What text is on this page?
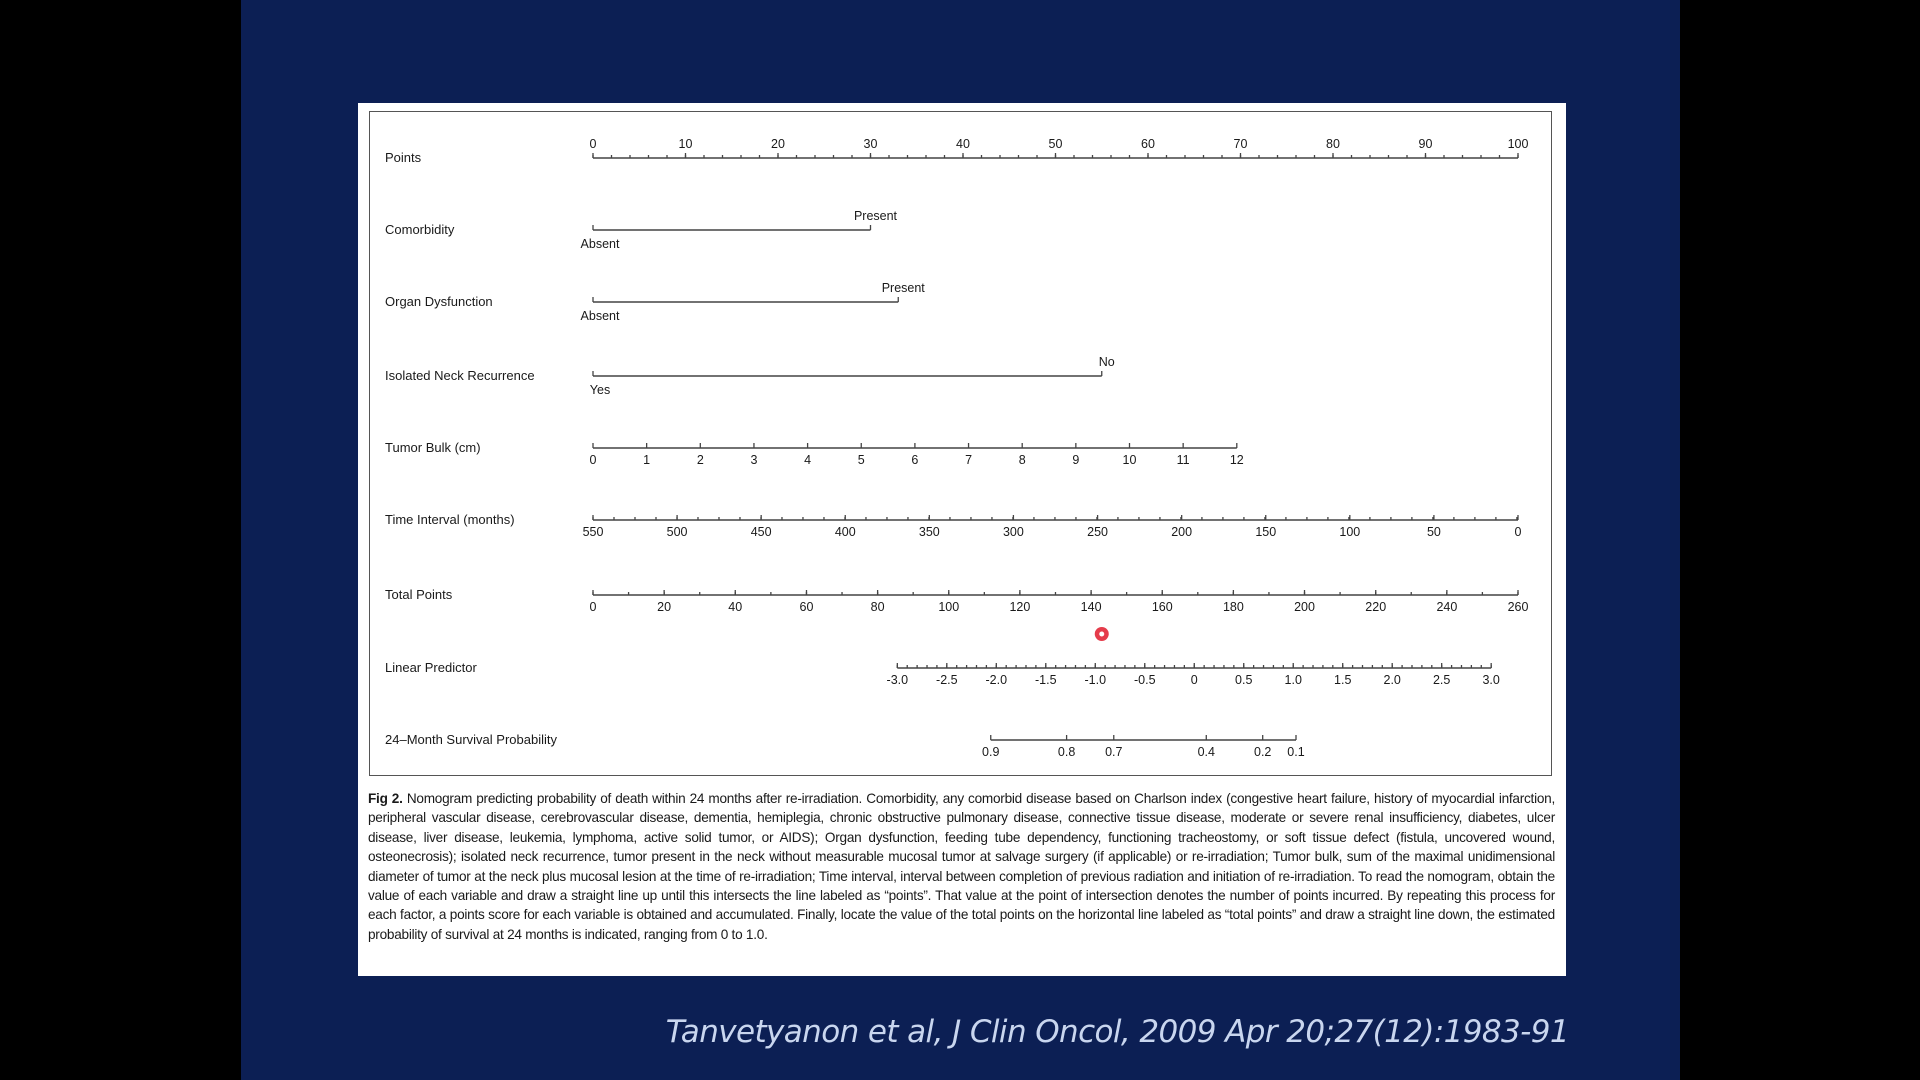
Points
0	10	20	30	40	50	60	70	80	90	100
Comorbidity
Absent
Present
Organ Dysfunction
Absent
Present
Isolated Neck Recurrence
Yes
No
Tumor Bulk (cm)
0	1	2	3	4	5	6	7	8	9	10	11	12
Time Interval (months)
550	500	450	400	350	300	250	200	150	100	50	0
Total Points
0	20	40	60	80	100	120	140	160	180	200	220	240	260
Linear Predictor
-3.0 -2.5 -2.0 -1.5 -1.0 -0.5	0	0.5	1.0	1.5	2.0	2.5	3.0
24–Month Survival Probability
0.9	0.8 0.7	0.4	0.2 0.1
Fig 2. Nomogram predicting probability of death within 24 months after re-irradiation. Comorbidity, any comorbid disease based on Charlson index (congestive heart failure, history of myocardial infarction, peripheral vascular disease, cerebrovascular disease, dementia, hemiplegia, chronic obstructive pulmonary disease, connective tissue disease, moderate or severe renal insufficiency, diabetes, ulcer disease, liver disease, leukemia, lymphoma, active solid tumor, or AIDS); Organ dysfunction, feeding tube dependency, functioning tracheostomy, or soft tissue defect (fistula, uncovered wound, osteonecrosis); isolated neck recurrence, tumor present in the neck without measurable mucosal tumor at salvage surgery (if applicable) or re-irradiation; Tumor bulk, sum of the maximal unidimensional diameter of tumor at the neck plus mucosal lesion at the time of re-irradiation; Time interval, interval between completion of previous radiation and initiation of re-irradiation. To read the nomogram, obtain the value of each variable and draw a straight line up until this intersects the line labeled as “points”. That value at the point of intersection denotes the number of points incurred. By repeating this process for each factor, a points score for each variable is obtained and accumulated. Finally, locate the value of the total points on the horizontal line labeled as “total points” and draw a straight line down, the estimated probability of survival at 24 months is indicated, ranging from 0 to 1.0.
Tanvetyanon et al, J Clin Oncol, 2009 Apr 20;27(12):1983-91
